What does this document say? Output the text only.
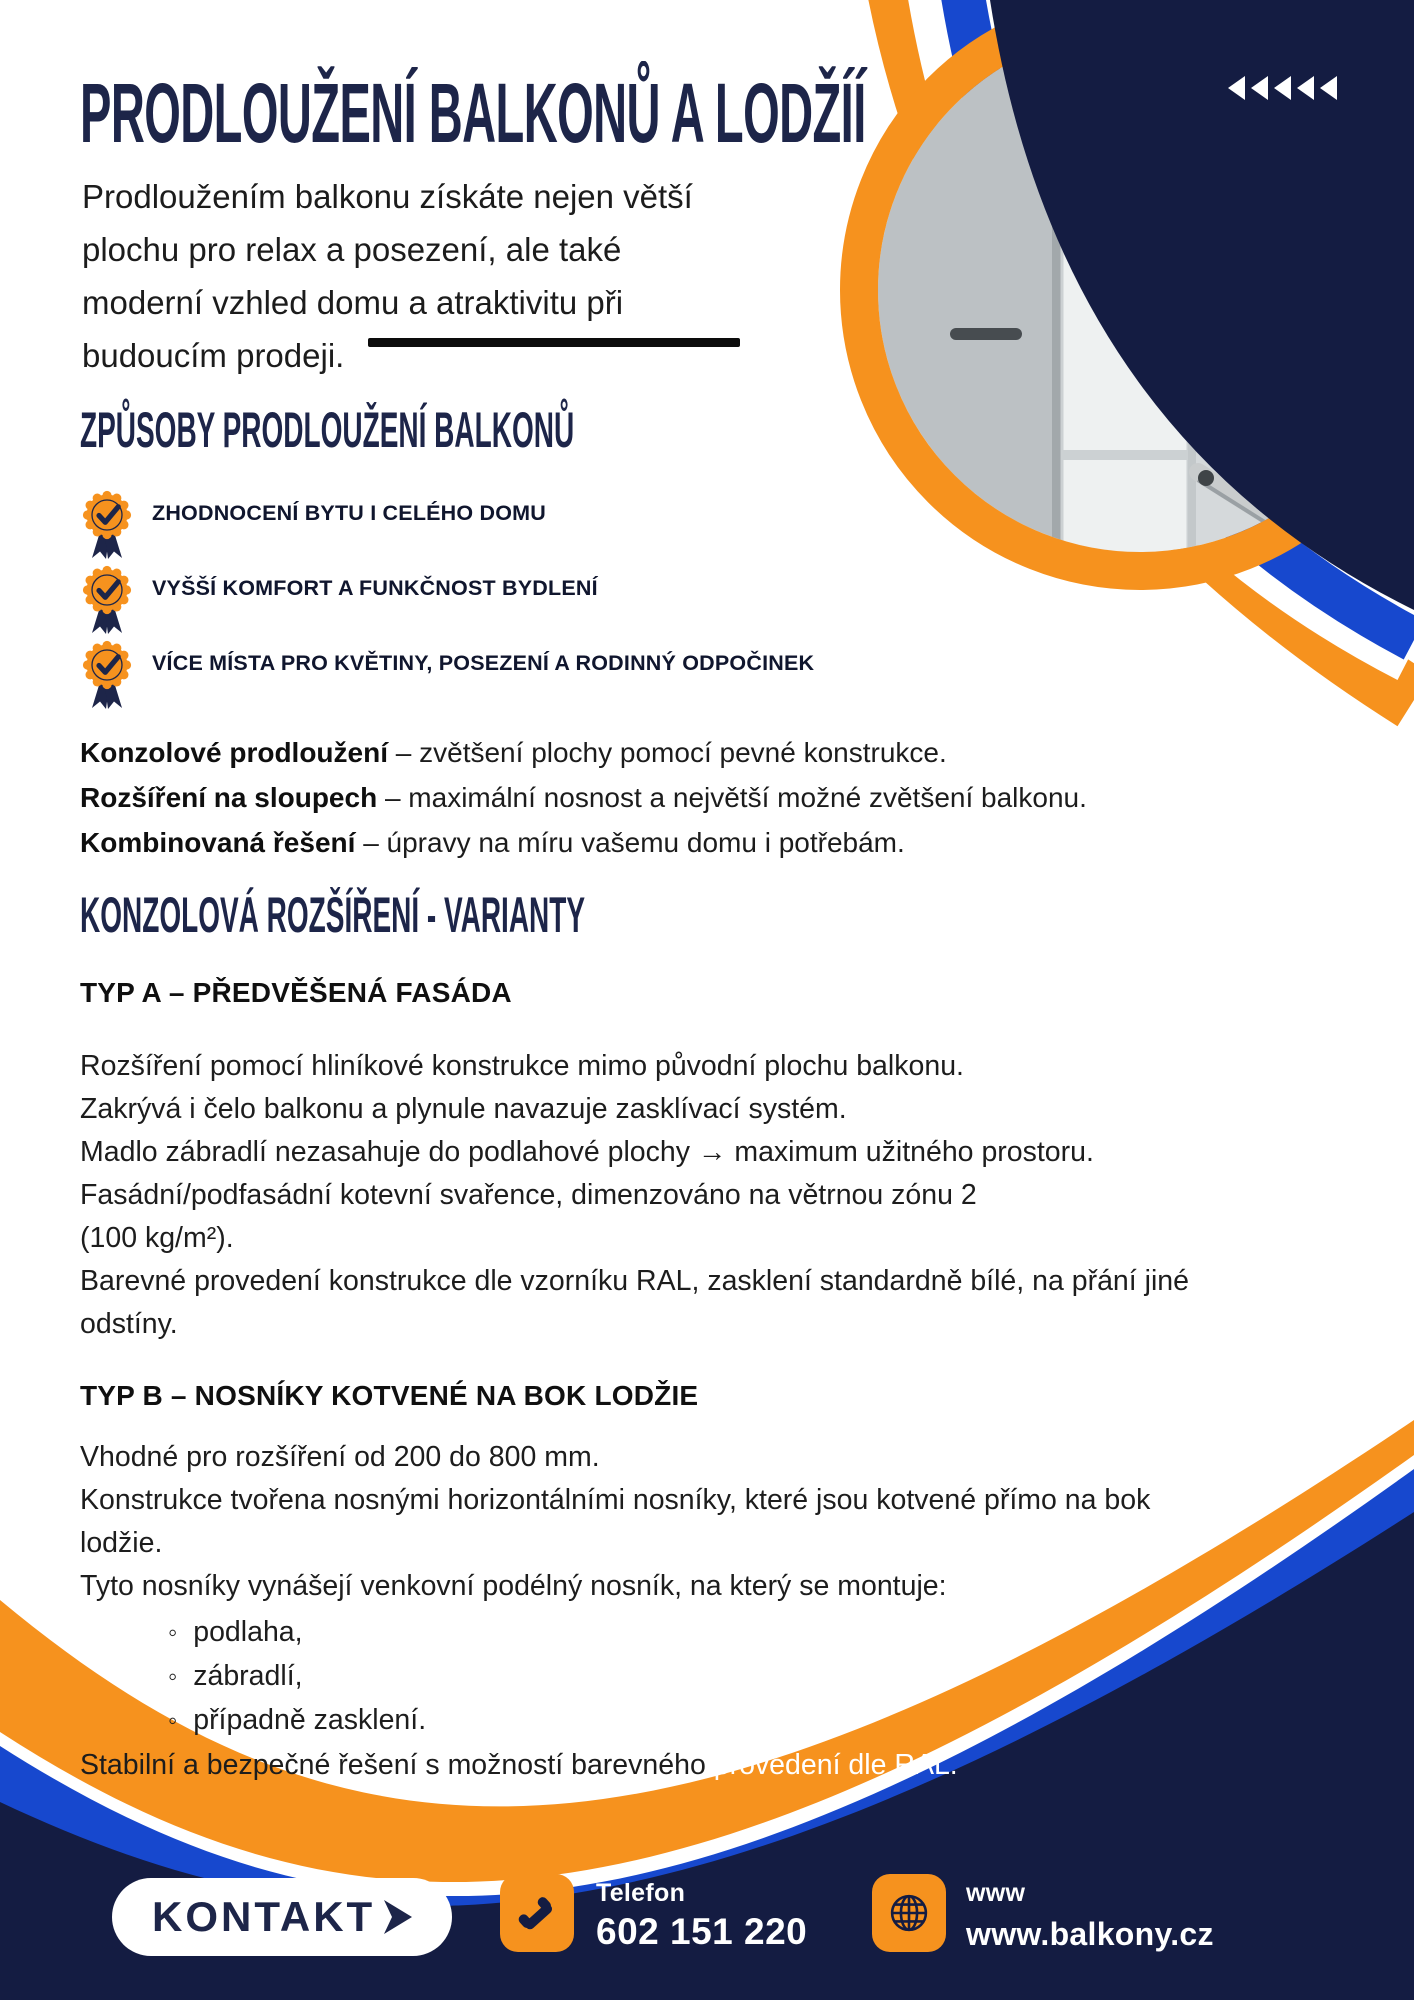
PRODLOUŽENÍ BALKONŮ A LODŽÍÍ

Prodloužením balkonu získáte nejen větší plochu pro relax a posezení, ale také moderní vzhled domu a atraktivitu při budoucím prodeji.

ZPŮSOBY PRODLOUŽENÍ BALKONŮ
ZHODNOCENÍ BYTU I CELÉHO DOMU
VYŠŠÍ KOMFORT A FUNKČNOST BYDLENÍ
VÍCE MÍSTA PRO KVĚTINY, POSEZENÍ A RODINNÝ ODPOČINEK
Konzolové prodloužení – zvětšení plochy pomocí pevné konstrukce.
Rozšíření na sloupech – maximální nosnost a největší možné zvětšení balkonu.
Kombinovaná řešení – úpravy na míru vašemu domu i potřebám.
KONZOLOVÁ ROZŠÍŘENÍ - VARIANTY
TYP A – PŘEDVĚŠENÁ FASÁDA
Rozšíření pomocí hliníkové konstrukce mimo původní plochu balkonu.
Zakrývá i čelo balkonu a plynule navazuje zasklívací systém.
Madlo zábradlí nezasahuje do podlahové plochy → maximum užitného prostoru.
Fasádní/podfasádní kotevní svařence, dimenzováno na větrnou zónu 2
(100 kg/m²).
Barevné provedení konstrukce dle vzorníku RAL, zasklení standardně bílé, na přání jiné odstíny.
TYP B – NOSNÍKY KOTVENÉ NA BOK LODŽIE
Vhodné pro rozšíření od 200 do 800 mm.
Konstrukce tvořena nosnými horizontálními nosníky, které jsou kotvené přímo na bok lodžie.
Tyto nosníky vynášejí venkovní podélný nosník, na který se montuje:
◦ podlaha,
◦ zábradlí,
◦ případně zasklení.
Stabilní a bezpečné řešení s možností barevného provedení dle RAL.
KONTAKT	Telefon
602 151 220
www
www.balkony.cz
